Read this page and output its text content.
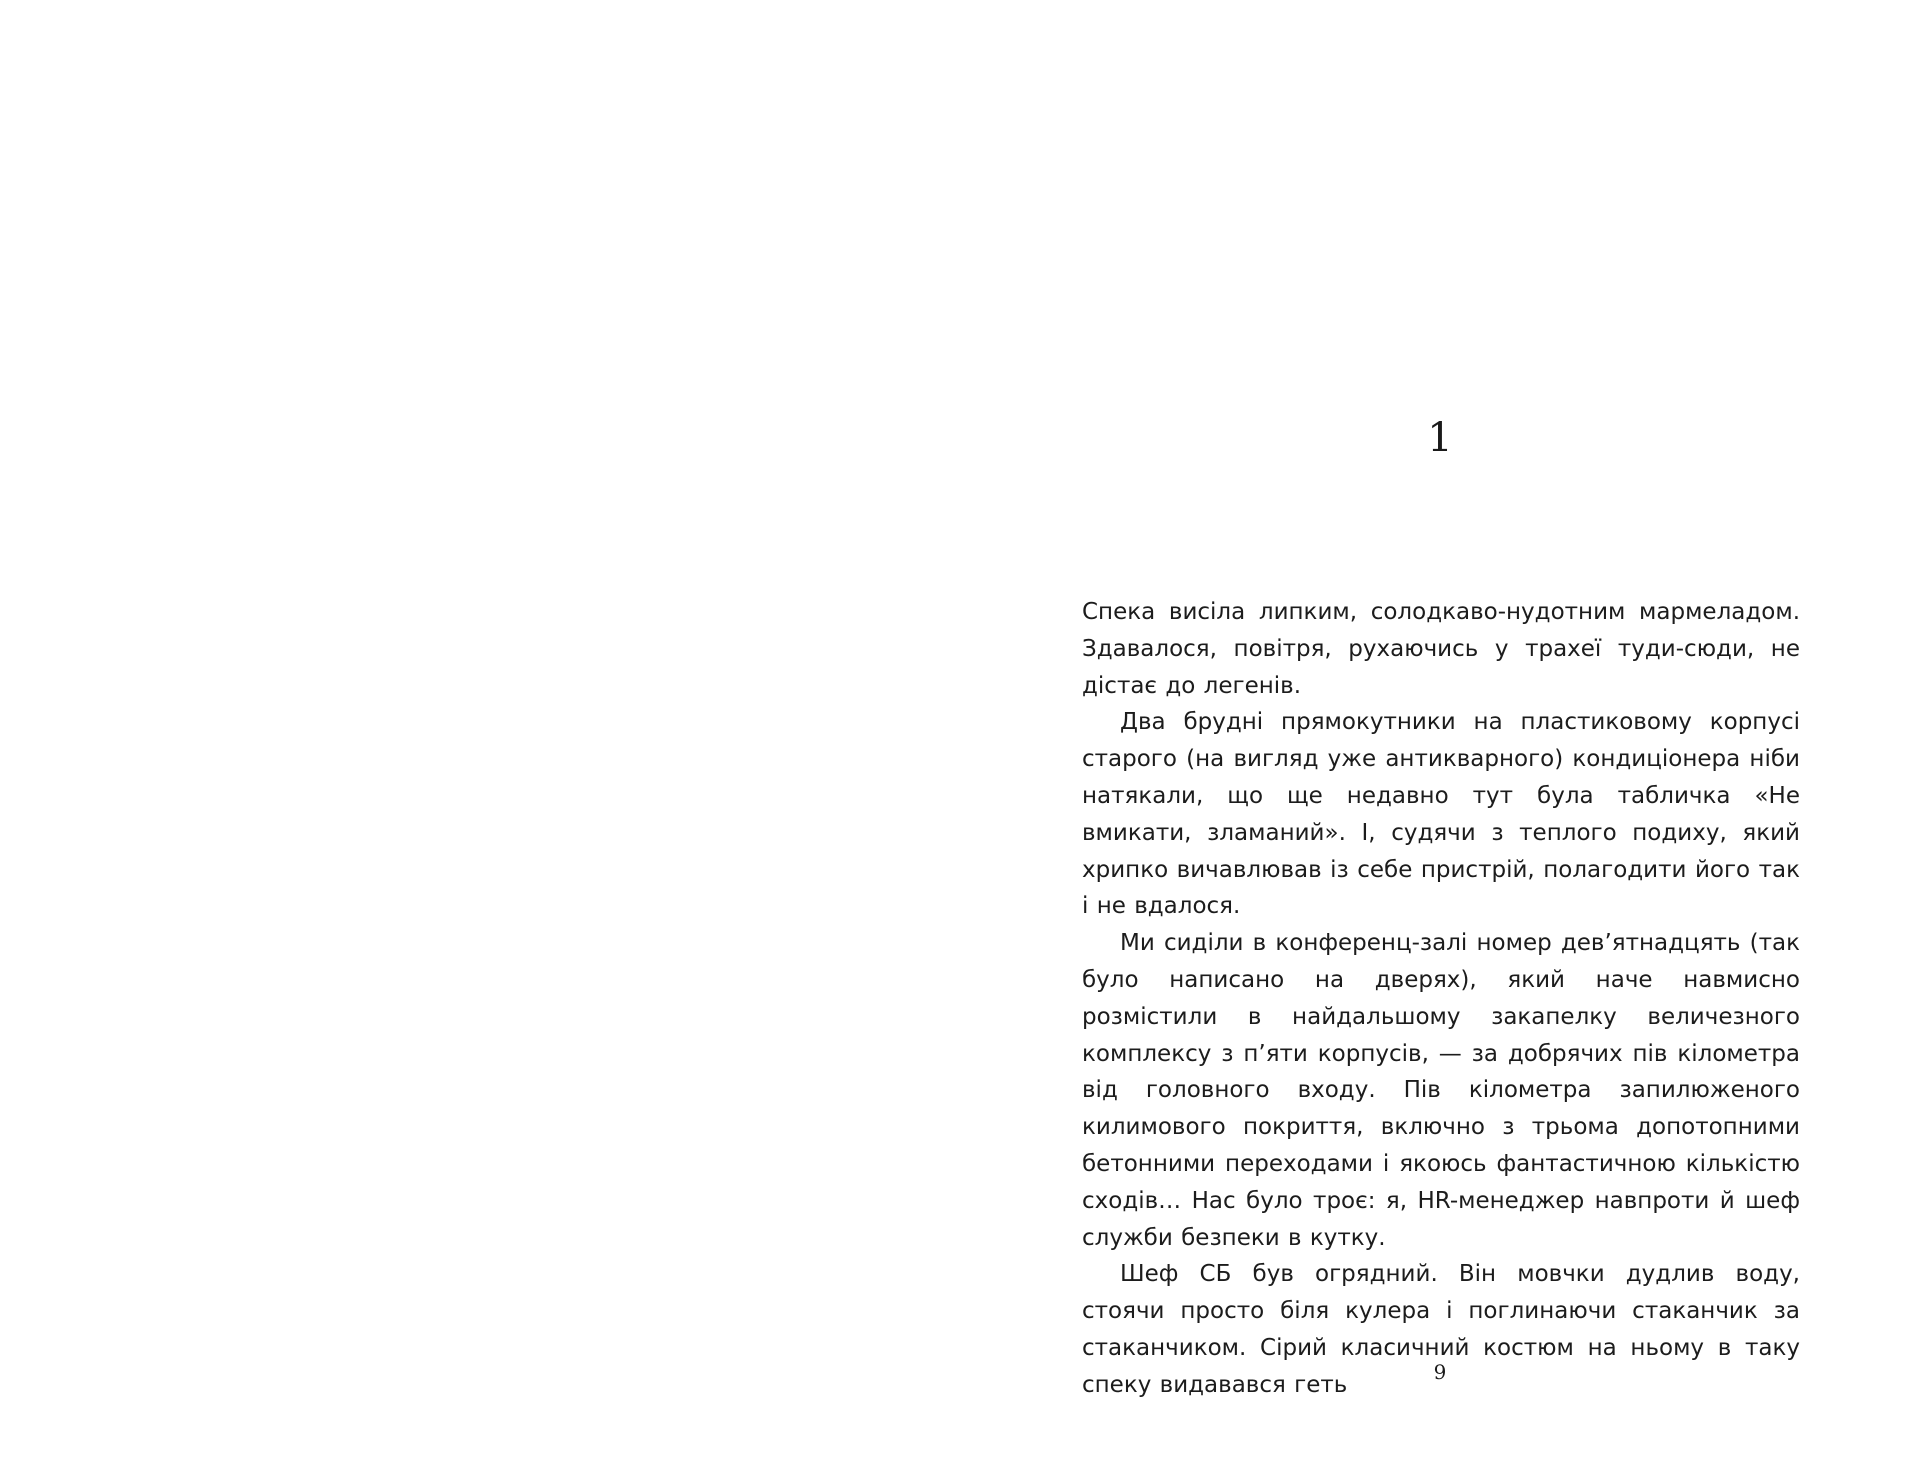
1

Спека висіла липким, солодкаво-нудотним мармеладом. Здавалося, повітря, рухаючись у трахеї туди-сюди, не дістає до легенів.

Два брудні прямокутники на пластиковому корпусі старого (на вигляд уже антикварного) кондиціонера ніби натякали, що ще недавно тут була табличка «Не вмикати, зламаний». І, судячи з теплого подиху, який хрипко вичавлював із себе пристрій, полагодити його так і не вдалося.

Ми сиділи в конференц-залі номер дев’ятнадцять (так було написано на дверях), який наче навмисно розмістили в найдальшому закапелку величезного комплексу з п’яти корпусів, — за добрячих пів кілометра від головного входу. Пів кілометра запилюженого килимового покриття, включно з трьома допотопними бетонними переходами і якоюсь фантастичною кількістю сходів… Нас було троє: я, HR-менеджер навпроти й шеф служби безпеки в кутку.

Шеф СБ був огрядний. Він мовчки дудлив воду, стоячи просто біля кулера і поглинаючи стаканчик за стаканчиком. Сірий класичний костюм на ньому в таку спеку видавався геть	9
